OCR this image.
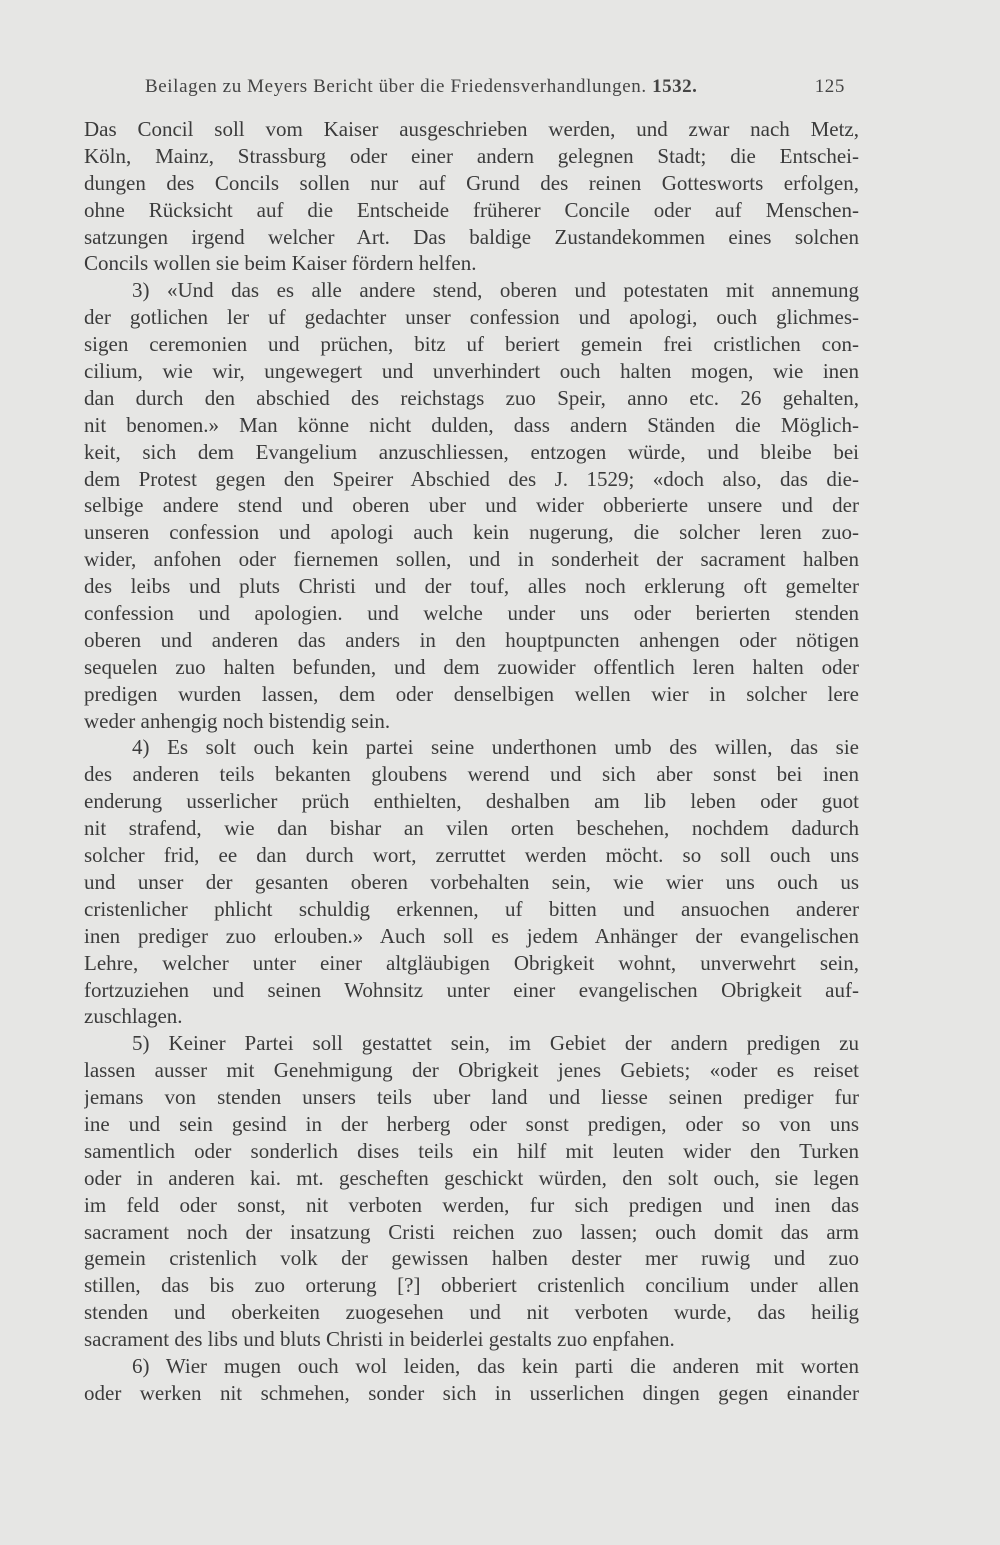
Beilagen zu Meyers Bericht über die Friedensverhandlungen. 1532.	125
Das Concil soll vom Kaiser ausgeschrieben werden, und zwar nach Metz,
Köln, Mainz, Strassburg oder einer andern gelegnen Stadt; die Entschei-
dungen des Concils sollen nur auf Grund des reinen Gottesworts erfolgen,
ohne Rücksicht auf die Entscheide früherer Concile oder auf Menschen-
satzungen irgend welcher Art. Das baldige Zustandekommen eines solchen
Concils wollen sie beim Kaiser fördern helfen.
3) «Und das es alle andere stend, oberen und potestaten mit annemung
der gotlichen ler uf gedachter unser confession und apologi, ouch glichmes-
sigen ceremonien und prüchen, bitz uf beriert gemein frei cristlichen con-
cilium, wie wir, ungewegert und unverhindert ouch halten mogen, wie inen
dan durch den abschied des reichstags zuo Speir, anno etc. 26 gehalten,
nit benomen.» Man könne nicht dulden, dass andern Ständen die Möglich-
keit, sich dem Evangelium anzuschliessen, entzogen würde, und bleibe bei
dem Protest gegen den Speirer Abschied des J. 1529; «doch also, das die-
selbige andere stend und oberen uber und wider obberierte unsere und der
unseren confession und apologi auch kein nugerung, die solcher leren zuo-
wider, anfohen oder fiernemen sollen, und in sonderheit der sacrament halben
des leibs und pluts Christi und der touf, alles noch erklerung oft gemelter
confession und apologien. und welche under uns oder berierten stenden
oberen und anderen das anders in den houptpuncten anhengen oder nötigen
sequelen zuo halten befunden, und dem zuowider offentlich leren halten oder
predigen wurden lassen, dem oder denselbigen wellen wier in solcher lere
weder anhengig noch bistendig sein.
4) Es solt ouch kein partei seine underthonen umb des willen, das sie
des anderen teils bekanten gloubens werend und sich aber sonst bei inen
enderung usserlicher prüch enthielten, deshalben am lib leben oder guot
nit strafend, wie dan bishar an vilen orten beschehen, nochdem dadurch
solcher frid, ee dan durch wort, zerruttet werden möcht. so soll ouch uns
und unser der gesanten oberen vorbehalten sein, wie wier uns ouch us
cristenlicher phlicht schuldig erkennen, uf bitten und ansuochen anderer
inen prediger zuo erlouben.» Auch soll es jedem Anhänger der evangelischen
Lehre, welcher unter einer altgläubigen Obrigkeit wohnt, unverwehrt sein,
fortzuziehen und seinen Wohnsitz unter einer evangelischen Obrigkeit auf-
zuschlagen.
5) Keiner Partei soll gestattet sein, im Gebiet der andern predigen zu
lassen ausser mit Genehmigung der Obrigkeit jenes Gebiets; «oder es reiset
jemans von stenden unsers teils uber land und liesse seinen prediger fur
ine und sein gesind in der herberg oder sonst predigen, oder so von uns
samentlich oder sonderlich dises teils ein hilf mit leuten wider den Turken
oder in anderen kai. mt. gescheften geschickt würden, den solt ouch, sie legen
im feld oder sonst, nit verboten werden, fur sich predigen und inen das
sacrament noch der insatzung Cristi reichen zuo lassen; ouch domit das arm
gemein cristenlich volk der gewissen halben dester mer ruwig und zuo
stillen, das bis zuo orterung [?] obberiert cristenlich concilium under allen
stenden und oberkeiten zuogesehen und nit verboten wurde, das heilig
sacrament des libs und bluts Christi in beiderlei gestalts zuo enpfahen.
6) Wier mugen ouch wol leiden, das kein parti die anderen mit worten
oder werken nit schmehen, sonder sich in usserlichen dingen gegen einander
